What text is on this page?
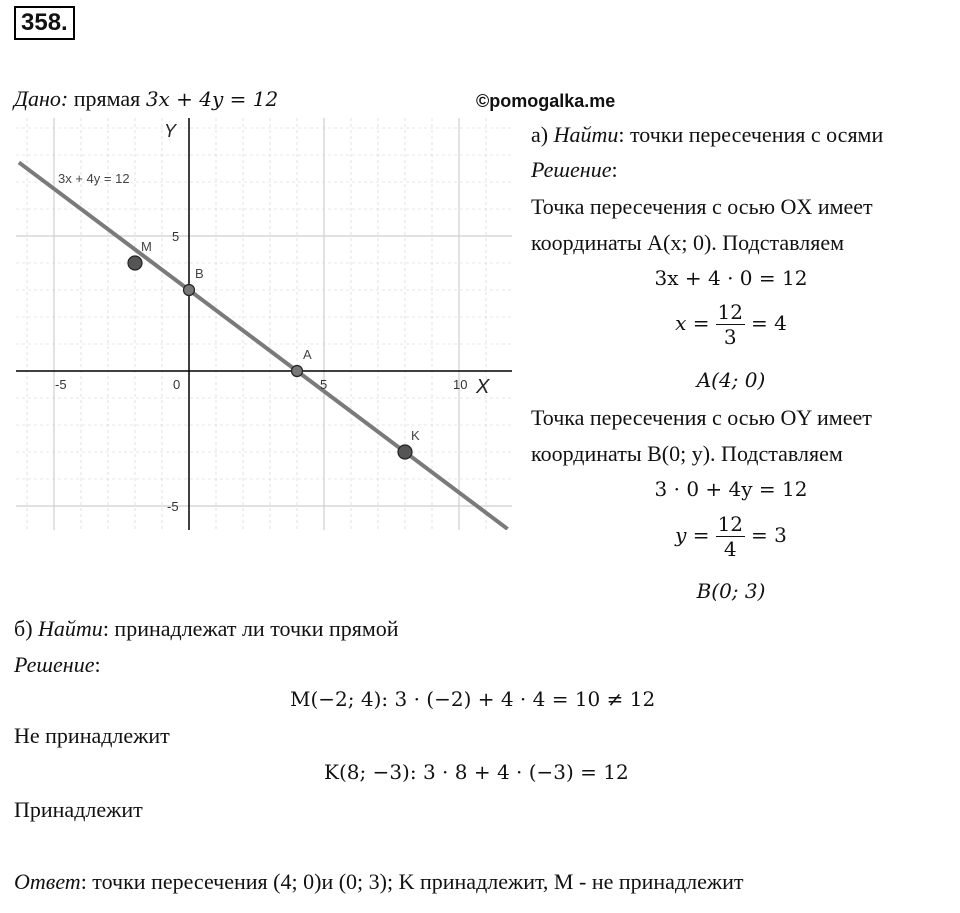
358.
Дано: прямая 3x + 4y = 12	©pomogalka.me
3x + 4y = 12
X
Y
-5	0	5	10
5
-5
M
B
A
K
а) Найти: точки пересечения с осями
Решение:
Точка пересечения с осью OX имеет
координаты A(x; 0). Подставляем
3x + 4 · 0 = 12
$x = \frac{12}{3} = 4$
A(4; 0)
Точка пересечения с осью OY имеет
координаты B(0; y). Подставляем
3 · 0 + 4y = 12
$y = \frac{12}{4} = 3$
B(0; 3)
б) Найти: принадлежат ли точки прямой
Решение:
M(−2; 4): 3 · (−2) + 4 · 4 = 10 ≠ 12
Не принадлежит
K(8; −3): 3 · 8 + 4 · (−3) = 12
Принадлежит
Ответ: точки пересечения (4; 0)и (0; 3); K принадлежит, M - не принадлежит
